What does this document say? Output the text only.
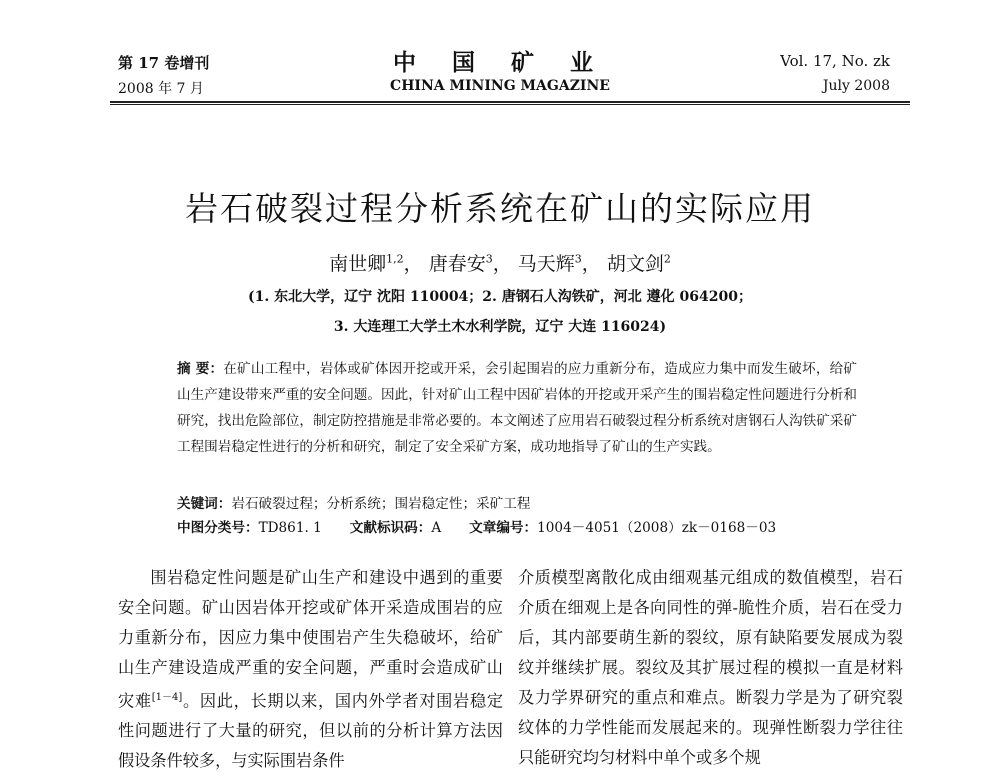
第 17 卷增刊
2008 年 7 月
中 国 矿 业
CHINA MINING MAGAZINE
Vol. 17, No. zk
July 2008
岩石破裂过程分析系统在矿山的实际应用
南世卿$^{1,2}$， 唐春安$^3$， 马天辉$^3$， 胡文剑$^2$
(1. 东北大学，辽宁 沈阳 110004；2. 唐钢石人沟铁矿，河北 遵化 064200；
3. 大连理工大学土木水利学院，辽宁 大连 116024)
摘 要：在矿山工程中，岩体或矿体因开挖或开采，会引起围岩的应力重新分布，造成应力集中而发生破坏，给矿山生产建设带来严重的安全问题。因此，针对矿山工程中因矿岩体的开挖或开采产生的围岩稳定性问题进行分析和研究，找出危险部位，制定防控措施是非常必要的。本文阐述了应用岩石破裂过程分析系统对唐钢石人沟铁矿采矿工程围岩稳定性进行的分析和研究，制定了安全采矿方案，成功地指导了矿山的生产实践。
关键词：岩石破裂过程；分析系统；围岩稳定性；采矿工程
中图分类号：TD861. 1 文献标识码：A 文章编号：1004－4051（2008）zk－0168－03
围岩稳定性问题是矿山生产和建设中遇到的重要安全问题。矿山因岩体开挖或矿体开采造成围岩的应力重新分布，因应力集中使围岩产生失稳破坏，给矿山生产建设造成严重的安全问题，严重时会造成矿山灾难[1－4]。因此，长期以来，国内外学者对围岩稳定性问题进行了大量的研究，但以前的分析计算方法因假设条件较多，与实际围岩条件
介质模型离散化成由细观基元组成的数值模型，岩石介质在细观上是各向同性的弹-脆性介质，岩石在受力后，其内部要萌生新的裂纹，原有缺陷要发展成为裂纹并继续扩展。裂纹及其扩展过程的模拟一直是材料及力学界研究的重点和难点。断裂力学是为了研究裂纹体的力学性能而发展起来的。现弹性断裂力学往往只能研究均匀材料中单个或多个规
